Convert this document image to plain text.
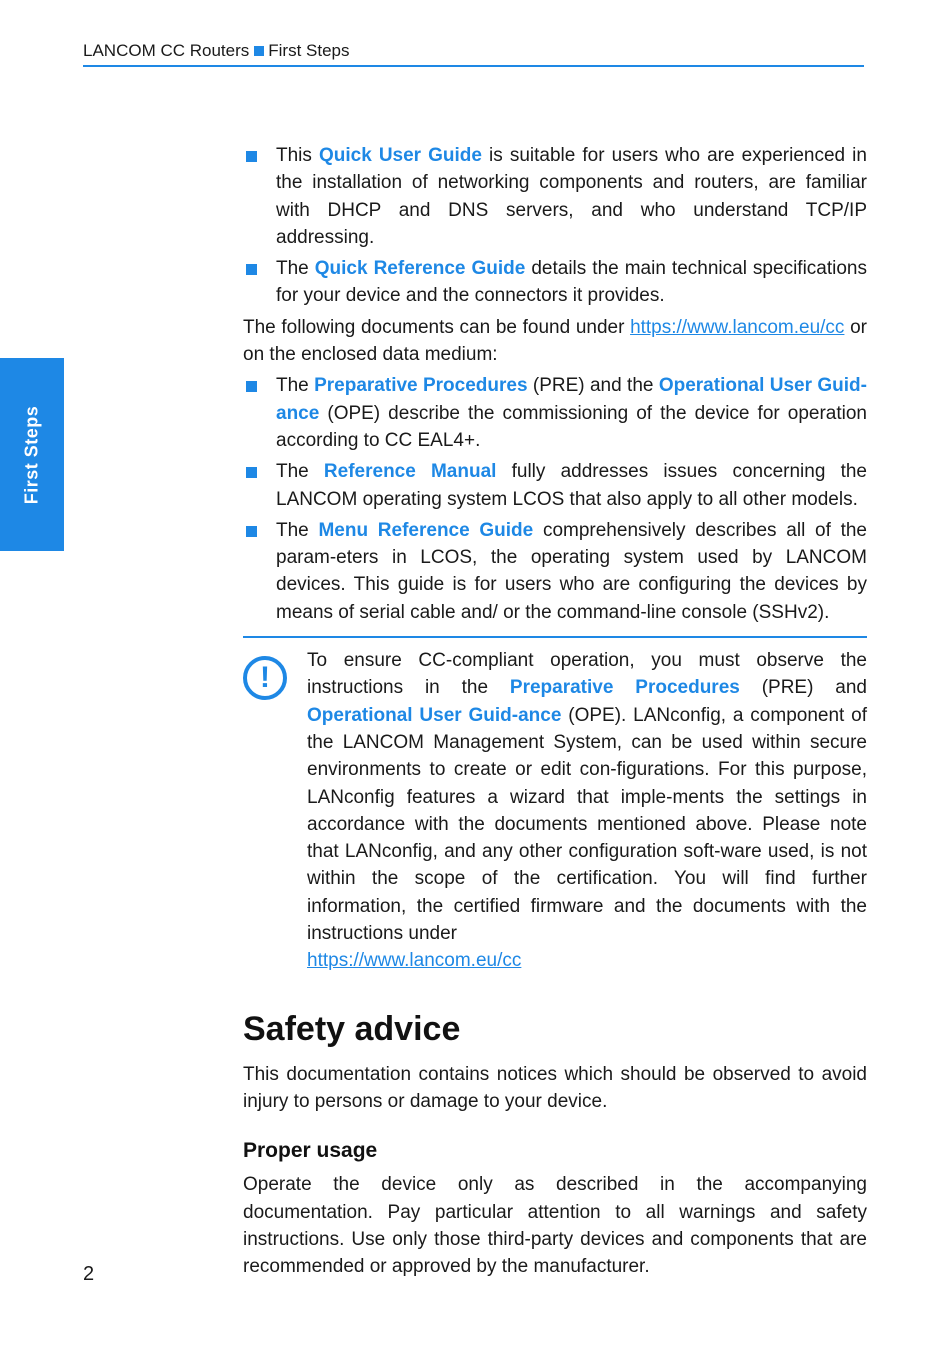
LANCOM CC Routers First Steps
First Steps

This Quick User Guide is suitable for users who are experienced in the installation of networking components and routers, are familiar with DHCP and DNS servers, and who understand TCP/IP addressing.

The Quick Reference Guide details the main technical specifications for your device and the connectors it provides.

The following documents can be found under https://www.lancom.eu/cc or on the enclosed data medium:

The Preparative Procedures (PRE) and the Operational User Guid-ance (OPE) describe the commissioning of the device for operation according to CC EAL4+.

The Reference Manual fully addresses issues concerning the LANCOM operating system LCOS that also apply to all other models.

The Menu Reference Guide comprehensively describes all of the param-eters in LCOS, the operating system used by LANCOM devices. This guide is for users who are configuring the devices by means of serial cable and/ or the command-line console (SSHv2).

!

To ensure CC-compliant operation, you must observe the instructions in the Preparative Procedures (PRE) and Operational User Guid-ance (OPE). LANconfig, a component of the LANCOM Management System, can be used within secure environments to create or edit con-figurations. For this purpose, LANconfig features a wizard that imple-ments the settings in accordance with the documents mentioned above. Please note that LANconfig, and any other configuration soft-ware used, is not within the scope of the certification. You will find further information, the certified firmware and the documents with the instructions under

https://www.lancom.eu/cc

Safety advice

This documentation contains notices which should be observed to avoid injury to persons or damage to your device.

Proper usage

Operate the device only as described in the accompanying documentation. Pay particular attention to all warnings and safety instructions. Use only those third-party devices and components that are recommended or approved by the manufacturer.

2
